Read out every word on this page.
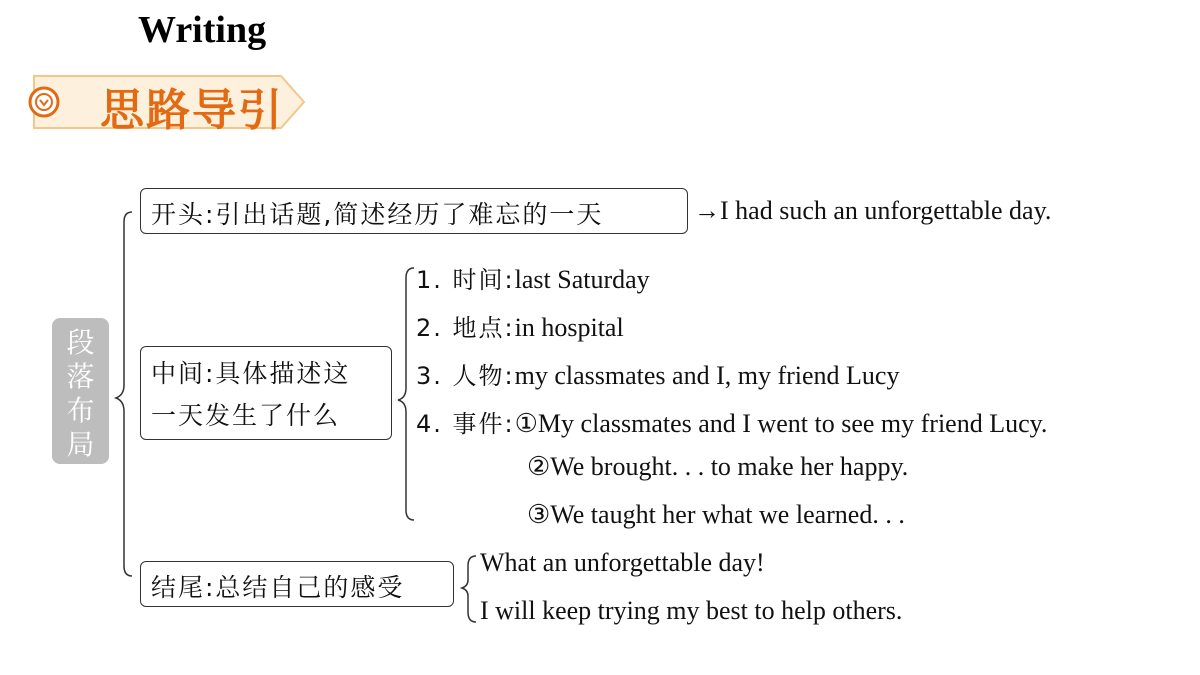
Writing
思路导引
段
落
布
局
开头:引出话题,简述经历了难忘的一天	→I had such an unforgettable day.
中间:具体描述这
一天发生了什么
1. 时间:last Saturday
2. 地点:in hospital
3. 人物:my classmates and I, my friend Lucy
4. 事件:①My classmates and I went to see my friend Lucy.
②We brought. . . to make her happy.
③We taught her what we learned. . .
结尾:总结自己的感受
What an unforgettable day!
I will keep trying my best to help others.
